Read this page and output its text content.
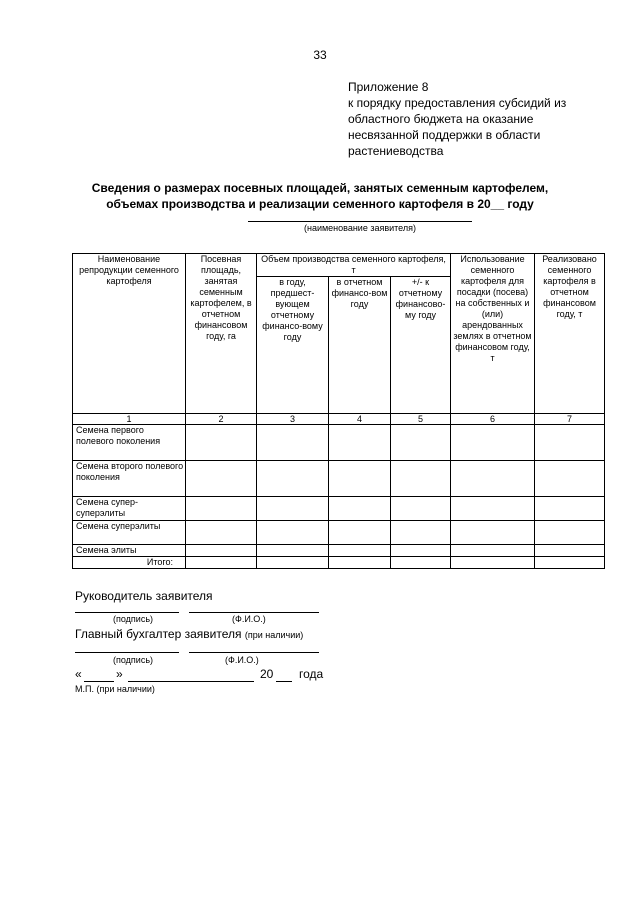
33
Приложение 8
к порядку предоставления субсидий из
областного бюджета на оказание
несвязанной поддержки в области
растениеводства
Сведения о размерах посевных площадей, занятых семенным картофелем,
объемах производства и реализации семенного картофеля в 20__ году
(наименование заявителя)
Наименование репродукции семенного картофеля	Посевная площадь, занятая семенным картофелем, в отчетном финансовом году, га	Объем производства семенного картофеля, т			Использование семенного картофеля для посадки (посева) на собственных и (или) арендованных землях в отчетном финансовом году, т	Реализовано семенного картофеля в отчетном финансовом году, т
		в году, предшест-вующем отчетному финансо-вому году	в отчетном финансо-вом году	+/- к отчетному финансово-му году		
1	2	3	4	5	6	7
Семена первого полевого поколения						
Семена второго полевого поколения						
Семена супер-суперэлиты						
Семена суперэлиты						
Семена элиты						
Итого:						
Руководитель заявителя
(подпись)	(Ф.И.О.)
Главный бухгалтер заявителя (при наличии)
(подпись)	(Ф.И.О.)
«	»	20 года
М.П. (при наличии)
